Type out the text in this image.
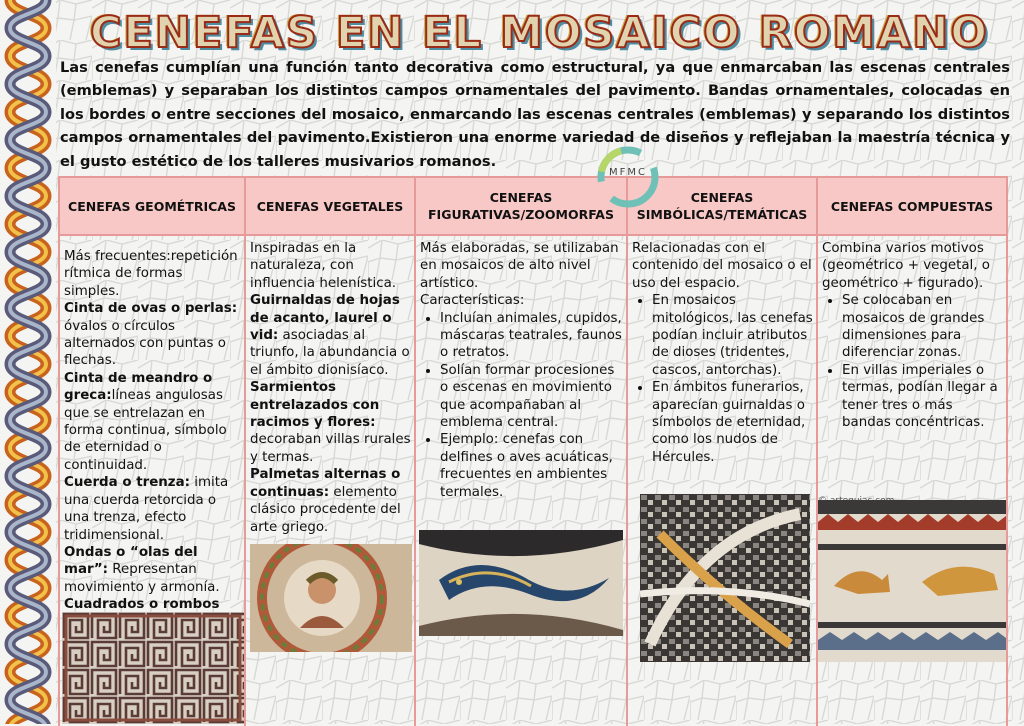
CENEFAS EN EL MOSAICO ROMANO
Las cenefas cumplían una función tanto decorativa como estructural, ya que enmarcaban las escenas centrales (emblemas) y separaban los distintos campos ornamentales del pavimento. Bandas ornamentales, colocadas en los bordes o entre secciones del mosaico, enmarcando las escenas centrales (emblemas) y separando los distintos campos ornamentales del pavimento.Existieron una enorme variedad de diseños y reflejaban la maestría técnica y el gusto estético de los talleres musivarios romanos.
MFMC
CENEFAS GEOMÉTRICAS

Más frecuentes:repetición rítmica de formas simples.

Cinta de ovas o perlas: óvalos o círculos alternados con puntas o flechas.

Cinta de meandro o greca:líneas angulosas que se entrelazan en forma continua, símbolo de eternidad o continuidad.

Cuerda o trenza: imita una cuerda retorcida o una trenza, efecto tridimensional.

Ondas o “olas del mar”: Representan movimiento y armonía.

Cuadrados o rombos

CENEFAS VEGETALES

Inspiradas en la naturaleza, con influencia helenística.

Guirnaldas de hojas de acanto, laurel o vid: asociadas al triunfo, la abundancia o el ámbito dionisíaco.

Sarmientos entrelazados con racimos y flores: decoraban villas rurales y termas.

Palmetas alternas o continuas: elemento clásico procedente del arte griego.

CENEFAS FIGURATIVAS/ZOOMORFAS

Más elaboradas, se utilizaban en mosaicos de alto nivel artístico.

Características:

• Incluían animales, cupidos, máscaras teatrales, faunos o retratos.
• Solían formar procesiones o escenas en movimiento que acompañaban al emblema central.
• Ejemplo: cenefas con delfines o aves acuáticas, frecuentes en ambientes termales.
CENEFAS SIMBÓLICAS/TEMÁTICAS

Relacionadas con el contenido del mosaico o el uso del espacio.

• En mosaicos mitológicos, las cenefas podían incluir atributos de dioses (tridentes, cascos, antorchas).
• En ámbitos funerarios, aparecían guirnaldas o símbolos de eternidad, como los nudos de Hércules.
CENEFAS COMPUESTAS

Combina varios motivos (geométrico + vegetal, o geométrico + figurado).

• Se colocaban en mosaicos de grandes dimensiones para diferenciar zonas.
• En villas imperiales o termas, podían llegar a tener tres o más bandas concéntricas.
